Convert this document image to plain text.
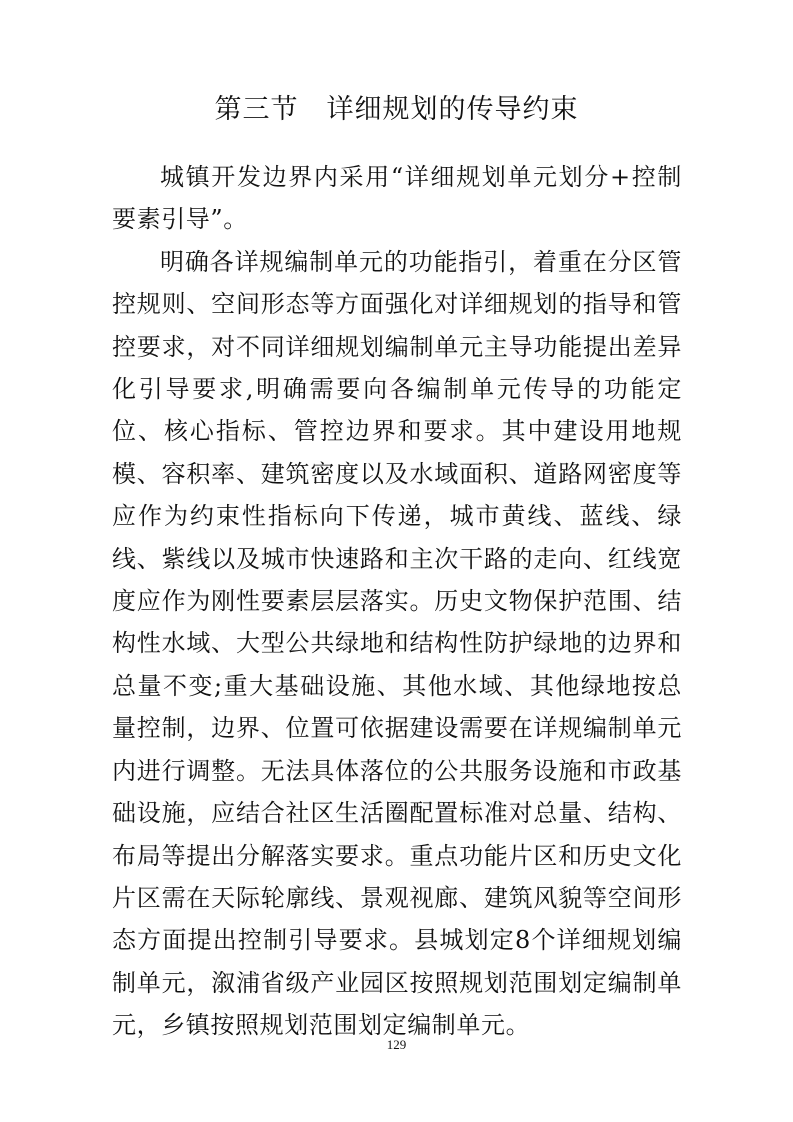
第三节　详细规划的传导约束

城镇开发边界内采用“详细规划单元划分+控制要素引导”。

明确各详规编制单元的功能指引，着重在分区管控规则、空间形态等方面强化对详细规划的指导和管控要求，对不同详细规划编制单元主导功能提出差异化引导要求,明确需要向各编制单元传导的功能定位、核心指标、管控边界和要求。其中建设用地规模、容积率、建筑密度以及水域面积、道路网密度等应作为约束性指标向下传递，城市黄线、蓝线、绿线、紫线以及城市快速路和主次干路的走向、红线宽度应作为刚性要素层层落实。历史文物保护范围、结构性水域、大型公共绿地和结构性防护绿地的边界和总量不变;重大基础设施、其他水域、其他绿地按总量控制，边界、位置可依据建设需要在详规编制单元内进行调整。无法具体落位的公共服务设施和市政基础设施，应结合社区生活圈配置标准对总量、结构、布局等提出分解落实要求。重点功能片区和历史文化片区需在天际轮廓线、景观视廊、建筑风貌等空间形态方面提出控制引导要求。县城划定8个详细规划编制单元，溆浦省级产业园区按照规划范围划定编制单元，乡镇按照规划范围划定编制单元。

129
